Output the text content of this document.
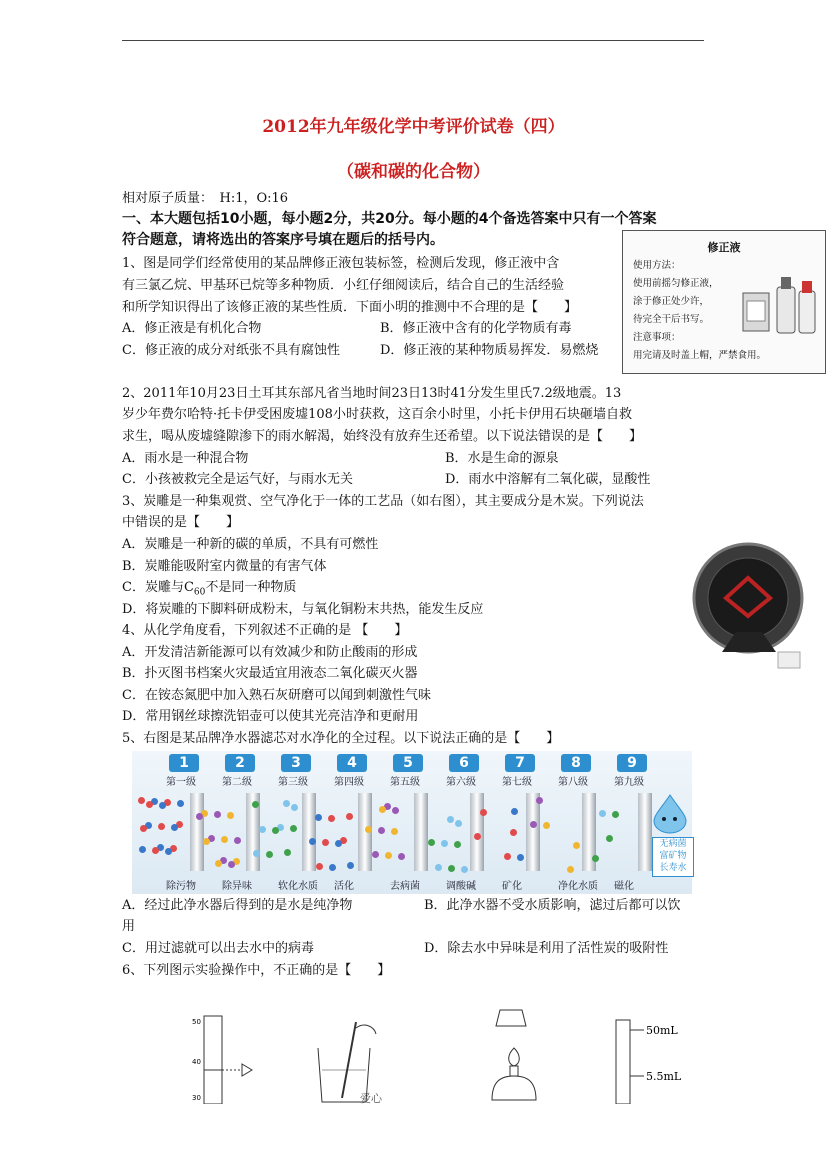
2012年九年级化学中考评价试卷（四）
（碳和碳的化合物）
相对原子质量：　H:1，O:16
一、本大题包括10小题，每小题2分，共20分。每小题的4个备选答案中只有一个答案
符合题意，请将选出的答案序号填在题后的括号内。
1、图是同学们经常使用的某品牌修正液包装标签，检测后发现，修正液中含
有三氯乙烷、甲基环已烷等多种物质．小红仔细阅读后，结合自己的生活经验
和所学知识得出了该修正液的某些性质．下面小明的推测中不合理的是【　　】
A．修正液是有机化合物	B．修正液中含有的化学物质有毒
C．修正液的成分对纸张不具有腐蚀性	D．修正液的某种物质易挥发．易燃烧
修正液
使用方法：
使用前摇匀修正液，
涂于修正处少许，
待完全干后书写。
注意事项：
用完请及时盖上帽，严禁食用。
2、2011年10月23日土耳其东部凡省当地时间23日13时41分发生里氏7.2级地震。13
岁少年费尔哈特·托卡伊受困废墟108小时获救，这百余小时里，小托卡伊用石块砸墙自救
求生，喝从废墟缝隙渗下的雨水解渴，始终没有放弃生还希望。以下说法错误的是【　　】
A．雨水是一种混合物	B．水是生命的源泉
C．小孩被救完全是运气好，与雨水无关	D．雨水中溶解有二氧化碳，显酸性
3、炭雕是一种集观赏、空气净化于一体的工艺品（如右图），其主要成分是木炭。下列说法
中错误的是【　　】
A．炭雕是一种新的碳的单质，不具有可燃性
B．炭雕能吸附室内微量的有害气体
C．炭雕与$C_{60}$不是同一种物质
D．将炭雕的下脚料研成粉末，与氧化铜粉末共热，能发生反应
4、从化学角度看，下列叙述不正确的是 【　　】
A．开发清洁新能源可以有效减少和防止酸雨的形成
B．扑灭图书档案火灾最适宜用液态二氧化碳灭火器
C．在铵态氮肥中加入熟石灰研磨可以闻到刺激性气味
D．常用钢丝球擦洗铝壶可以使其光亮洁净和更耐用
5、右图是某品牌净水器滤芯对水净化的全过程。以下说法正确的是【　　】
1
第一级
除污物
2
第二级
除异味
3
第三级
软化水质
4
第四级
活化
5
第五级
去病菌
6
第六级
调酸碱
7
第七级
矿化
8
第八级
净化水质
9
第九级
磁化
无病菌
富矿物
长寿水
A．经过此净水器后得到的是水是纯净物	B．此净水器不受水质影响，滤过后都可以饮
用
C．用过滤就可以出去水中的病毒	D．除去水中异味是利用了活性炭的吸附性
6、下列图示实验操作中，不正确的是【　　】
50
40
30
50mL
5.5mL
爱心　　　　　　　　　　　　　　　　　
